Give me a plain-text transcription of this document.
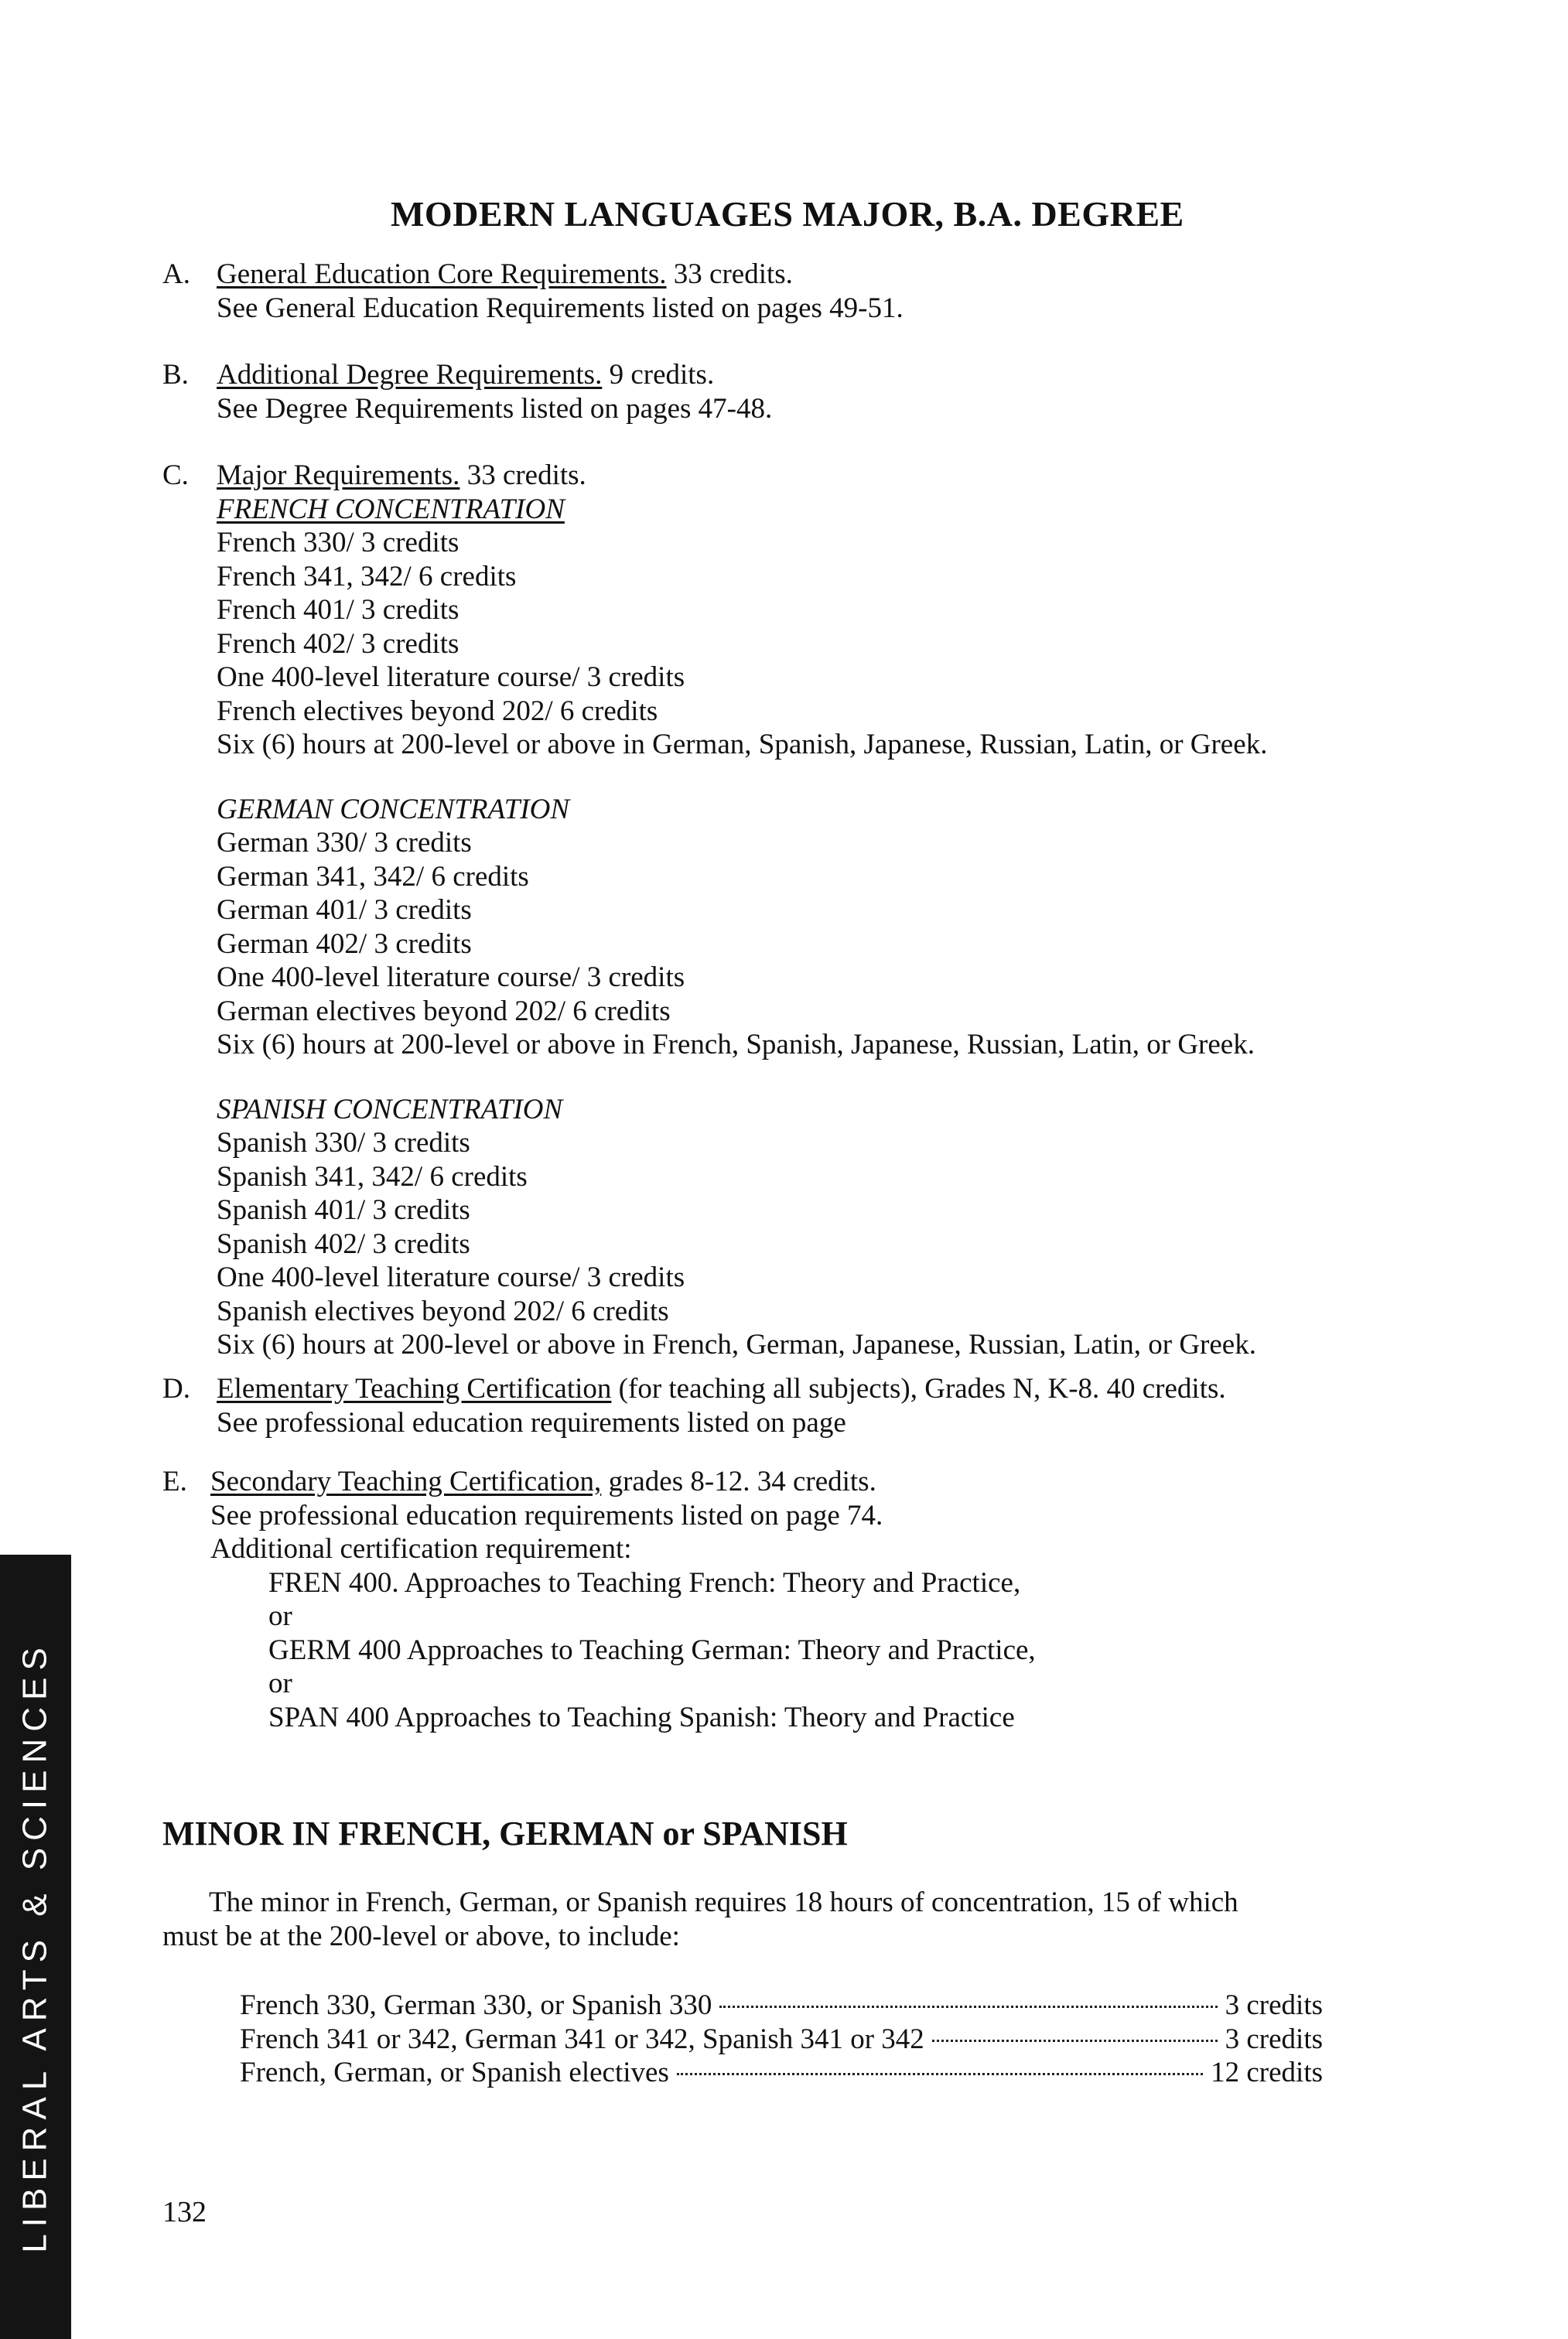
MODERN LANGUAGES MAJOR, B.A. DEGREE
A. General Education Core Requirements. 33 credits.
See General Education Requirements listed on pages 49-51.
B. Additional Degree Requirements. 9 credits.
See Degree Requirements listed on pages 47-48.
C. Major Requirements. 33 credits.
FRENCH CONCENTRATION
French 330/ 3 credits
French 341, 342/ 6 credits
French 401/ 3 credits
French 402/ 3 credits
One 400-level literature course/ 3 credits
French electives beyond 202/ 6 credits
Six (6) hours at 200-level or above in German, Spanish, Japanese, Russian, Latin, or Greek.
GERMAN CONCENTRATION
German 330/ 3 credits
German 341, 342/ 6 credits
German 401/ 3 credits
German 402/ 3 credits
One 400-level literature course/ 3 credits
German electives beyond 202/ 6 credits
Six (6) hours at 200-level or above in French, Spanish, Japanese, Russian, Latin, or Greek.
SPANISH CONCENTRATION
Spanish 330/ 3 credits
Spanish 341, 342/ 6 credits
Spanish 401/ 3 credits
Spanish 402/ 3 credits
One 400-level literature course/ 3 credits
Spanish electives beyond 202/ 6 credits
Six (6) hours at 200-level or above in French, German, Japanese, Russian, Latin, or Greek.
D. Elementary Teaching Certification (for teaching all subjects), Grades N, K-8. 40 credits.
See professional education requirements listed on page
E. Secondary Teaching Certification, grades 8-12. 34 credits.
See professional education requirements listed on page 74.
Additional certification requirement:
FREN 400. Approaches to Teaching French: Theory and Practice,
or
GERM 400 Approaches to Teaching German: Theory and Practice,
or
SPAN 400 Approaches to Teaching Spanish: Theory and Practice
MINOR IN FRENCH, GERMAN or SPANISH
The minor in French, German, or Spanish requires 18 hours of concentration, 15 of which
must be at the 200-level or above, to include:
French 330, German 330, or Spanish 330	3 credits
French 341 or 342, German 341 or 342, Spanish 341 or 342	3 credits
French, German, or Spanish electives	12 credits
132
LIBERAL ARTS & SCIENCES
